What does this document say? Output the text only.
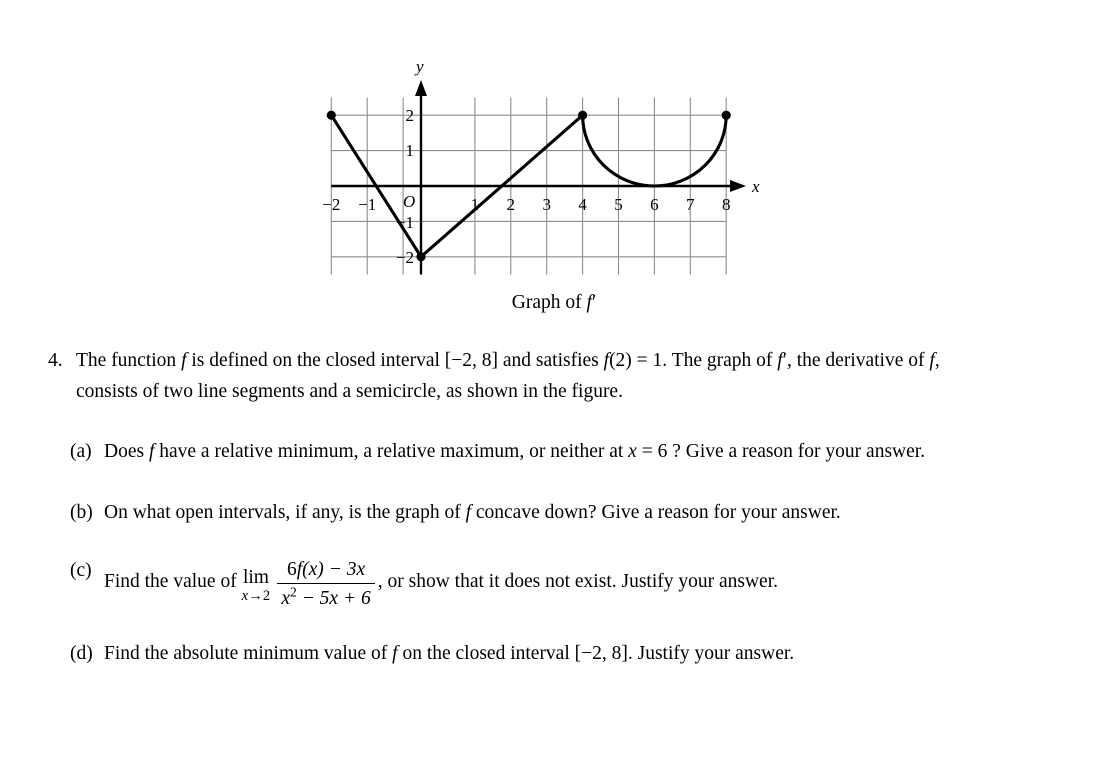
y
x
O
−2 −1	1 2 3 4 5 6 7 8
2
1
−1
−2
Graph of f′
4. The function f is defined on the closed interval [−2, 8] and satisfies f(2) = 1. The graph of f′, the derivative of f, consists of two line segments and a semicircle, as shown in the figure.
(a) Does f have a relative minimum, a relative maximum, or neither at x = 6 ? Give a reason for your answer.
(b) On what open intervals, if any, is the graph of f concave down? Give a reason for your answer.
(c)
Find the value of lim
$x\to 2 \frac{6f(x) - 3x}{x^2 - 5x + 6}$ , or show that it does not exist. Justify your answer.
(d) Find the absolute minimum value of f on the closed interval [−2, 8]. Justify your answer.
